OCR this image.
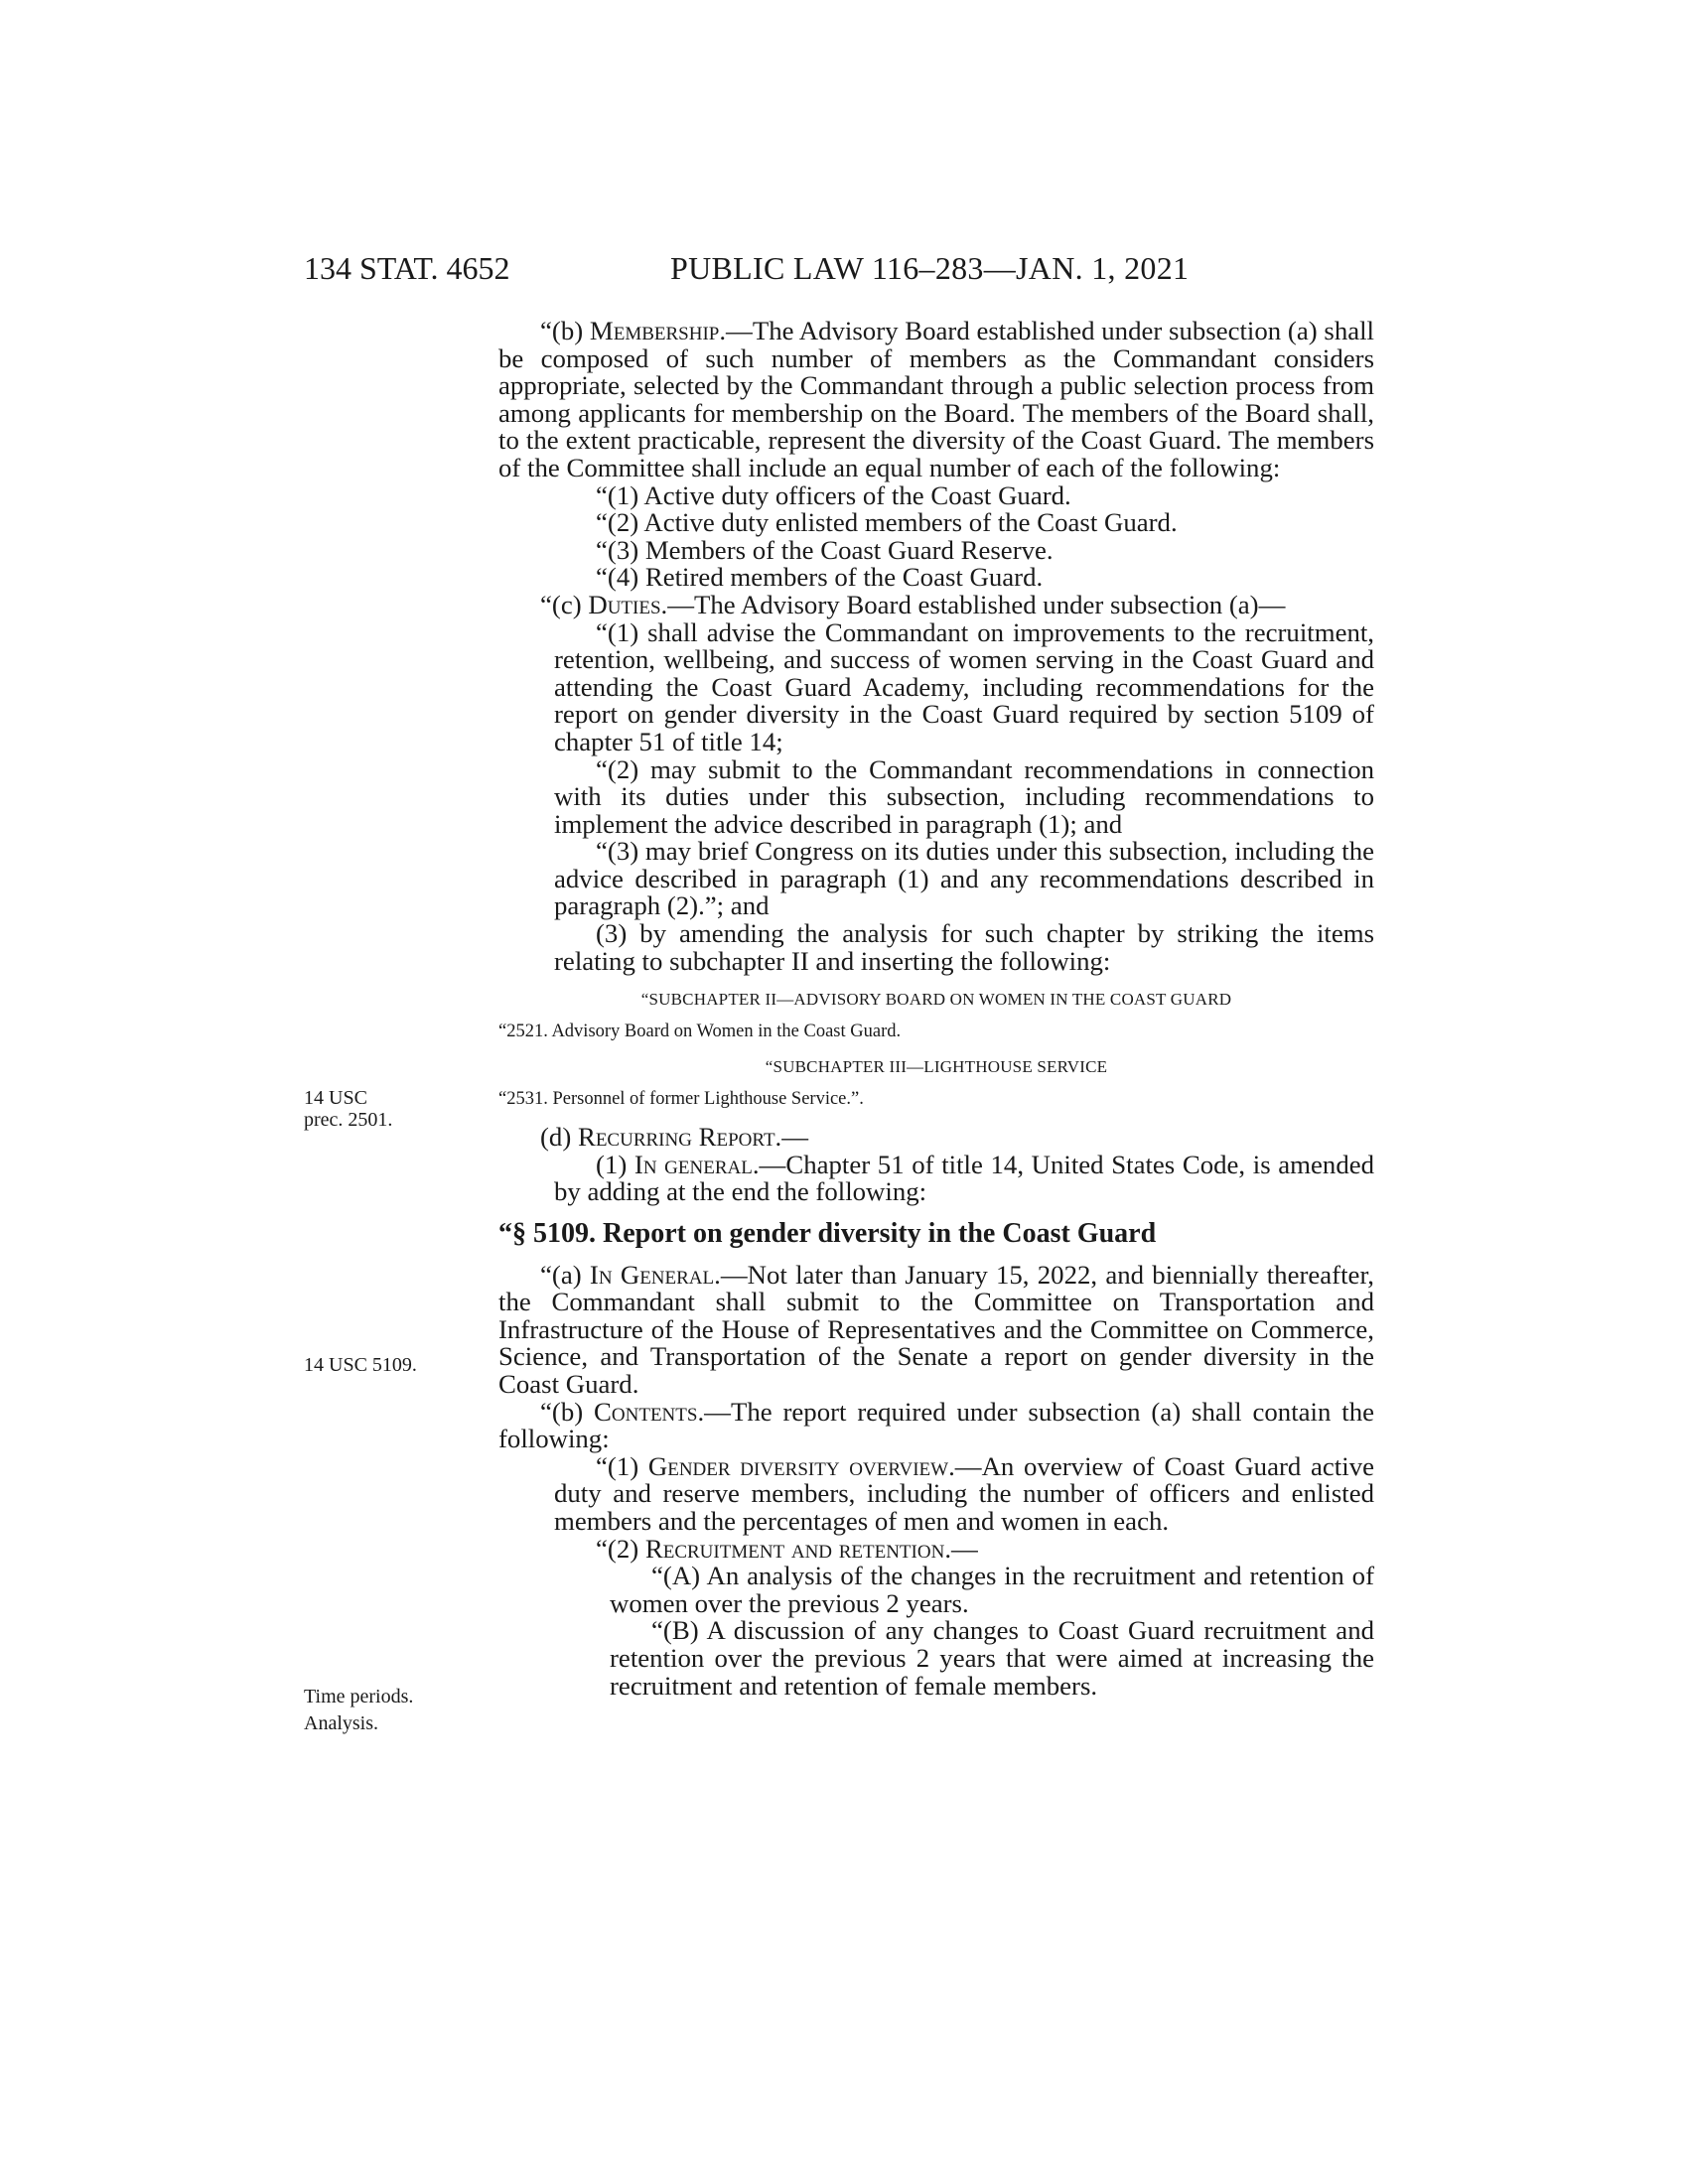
134 STAT. 4652	PUBLIC LAW 116–283—JAN. 1, 2021
14 USC
prec. 2501.
14 USC 5109.
Time periods.
Analysis.

“(b) Membership.—The Advisory Board established under subsection (a) shall be composed of such number of members as the Commandant considers appropriate, selected by the Commandant through a public selection process from among applicants for membership on the Board. The members of the Board shall, to the extent practicable, represent the diversity of the Coast Guard. The members of the Committee shall include an equal number of each of the following:

“(1) Active duty officers of the Coast Guard.

“(2) Active duty enlisted members of the Coast Guard.

“(3) Members of the Coast Guard Reserve.

“(4) Retired members of the Coast Guard.

“(c) Duties.—The Advisory Board established under subsection (a)—

“(1) shall advise the Commandant on improvements to the recruitment, retention, wellbeing, and success of women serving in the Coast Guard and attending the Coast Guard Academy, including recommendations for the report on gender diversity in the Coast Guard required by section 5109 of chapter 51 of title 14;

“(2) may submit to the Commandant recommendations in connection with its duties under this subsection, including recommendations to implement the advice described in paragraph (1); and

“(3) may brief Congress on its duties under this subsection, including the advice described in paragraph (1) and any recommendations described in paragraph (2).”; and

(3) by amending the analysis for such chapter by striking the items relating to subchapter II and inserting the following:

“SUBCHAPTER II—ADVISORY BOARD ON WOMEN IN THE COAST GUARD

“2521. Advisory Board on Women in the Coast Guard.

“SUBCHAPTER III—LIGHTHOUSE SERVICE

“2531. Personnel of former Lighthouse Service.”.

(d) Recurring Report.—

(1) In general.—Chapter 51 of title 14, United States Code, is amended by adding at the end the following:

“§ 5109. Report on gender diversity in the Coast Guard

“(a) In General.—Not later than January 15, 2022, and biennially thereafter, the Commandant shall submit to the Committee on Transportation and Infrastructure of the House of Representatives and the Committee on Commerce, Science, and Transportation of the Senate a report on gender diversity in the Coast Guard.

“(b) Contents.—The report required under subsection (a) shall contain the following:

“(1) Gender diversity overview.—An overview of Coast Guard active duty and reserve members, including the number of officers and enlisted members and the percentages of men and women in each.

“(2) Recruitment and retention.—

“(A) An analysis of the changes in the recruitment and retention of women over the previous 2 years.

“(B) A discussion of any changes to Coast Guard recruitment and retention over the previous 2 years that were aimed at increasing the recruitment and retention of female members.
